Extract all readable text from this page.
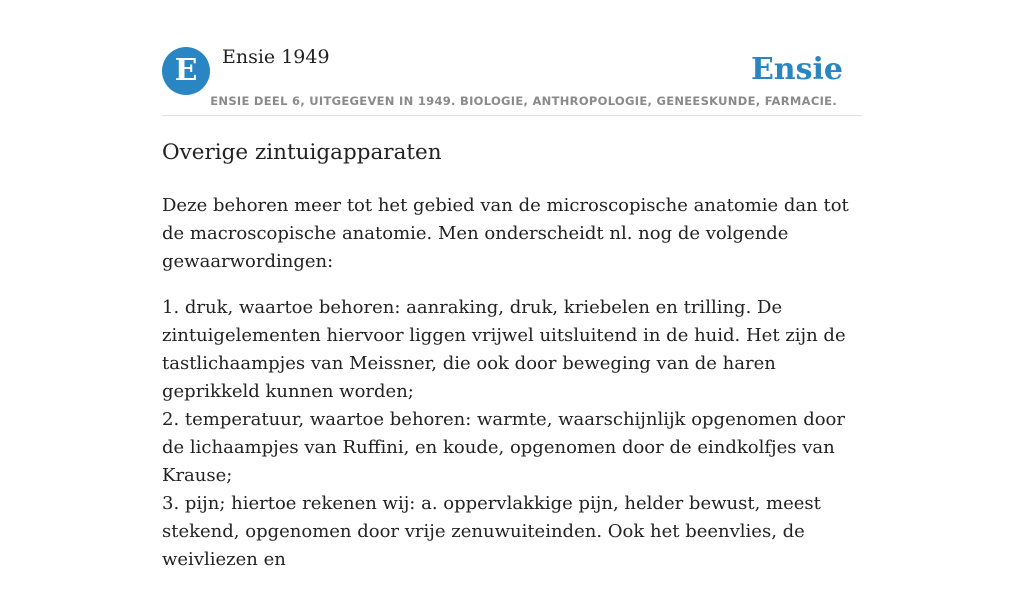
E	Ensie 1949	Ensie
ENSIE DEEL 6, UITGEGEVEN IN 1949. BIOLOGIE, ANTHROPOLOGIE, GENEESKUNDE, FARMACIE.
Overige zintuigapparaten

Deze behoren meer tot het gebied van de microscopische anatomie dan tot de macroscopische anatomie. Men onderscheidt nl. nog de volgende gewaarwordingen:

1. druk, waartoe behoren: aanraking, druk, kriebelen en trilling. De zintuigelementen hiervoor liggen vrijwel uitsluitend in de huid. Het zijn de tastlichaampjes van Meissner, die ook door beweging van de haren geprikkeld kunnen worden;
2. temperatuur, waartoe behoren: warmte, waarschijnlijk opgenomen door de lichaampjes van Ruffini, en koude, opgenomen door de eindkolfjes van Krause;
3. pijn; hiertoe rekenen wij: a. oppervlakkige pijn, helder bewust, meest stekend, opgenomen door vrije zenuwuiteinden. Ook het beenvlies, de weivliezen en
